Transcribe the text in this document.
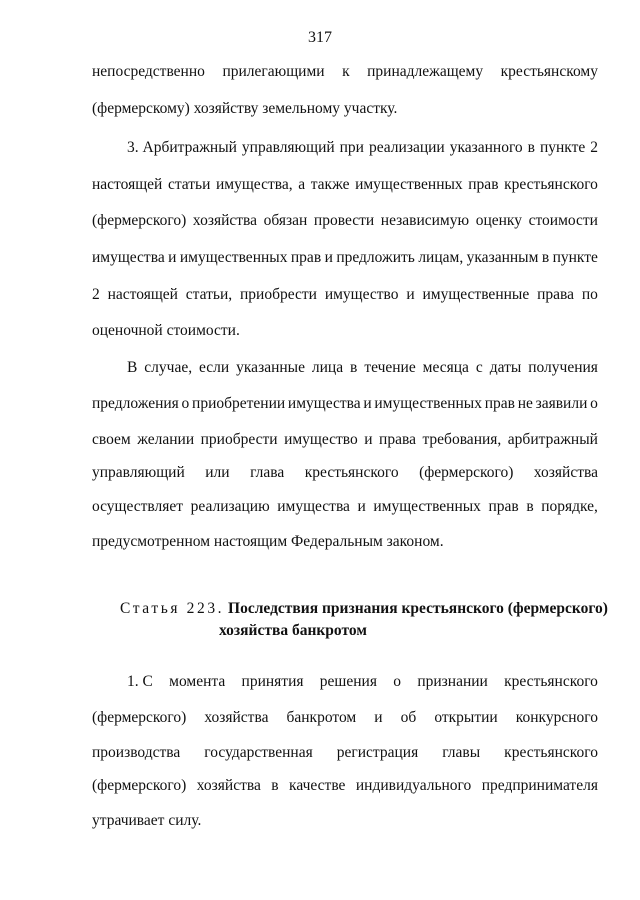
317
непосредственно прилегающими к принадлежащему крестьянскому
(фермерскому) хозяйству земельному участку.
3. Арбитражный управляющий при реализации указанного в пункте 2
настоящей статьи имущества, а также имущественных прав крестьянского
(фермерского) хозяйства обязан провести независимую оценку стоимости
имущества и имущественных прав и предложить лицам, указанным в пункте
2 настоящей статьи, приобрести имущество и имущественные права по
оценочной стоимости.
В случае, если указанные лица в течение месяца с даты получения
предложения о приобретении имущества и имущественных прав не заявили о
своем желании приобрести имущество и права требования, арбитражный
управляющий или глава крестьянского (фермерского) хозяйства
осуществляет реализацию имущества и имущественных прав в порядке,
предусмотренном настоящим Федеральным законом.
Статья 223. Последствия признания крестьянского (фермерского)
хозяйства банкротом
1. С момента принятия решения о признании крестьянского
(фермерского) хозяйства банкротом и об открытии конкурсного
производства государственная регистрация главы крестьянского
(фермерского) хозяйства в качестве индивидуального предпринимателя
утрачивает силу.
